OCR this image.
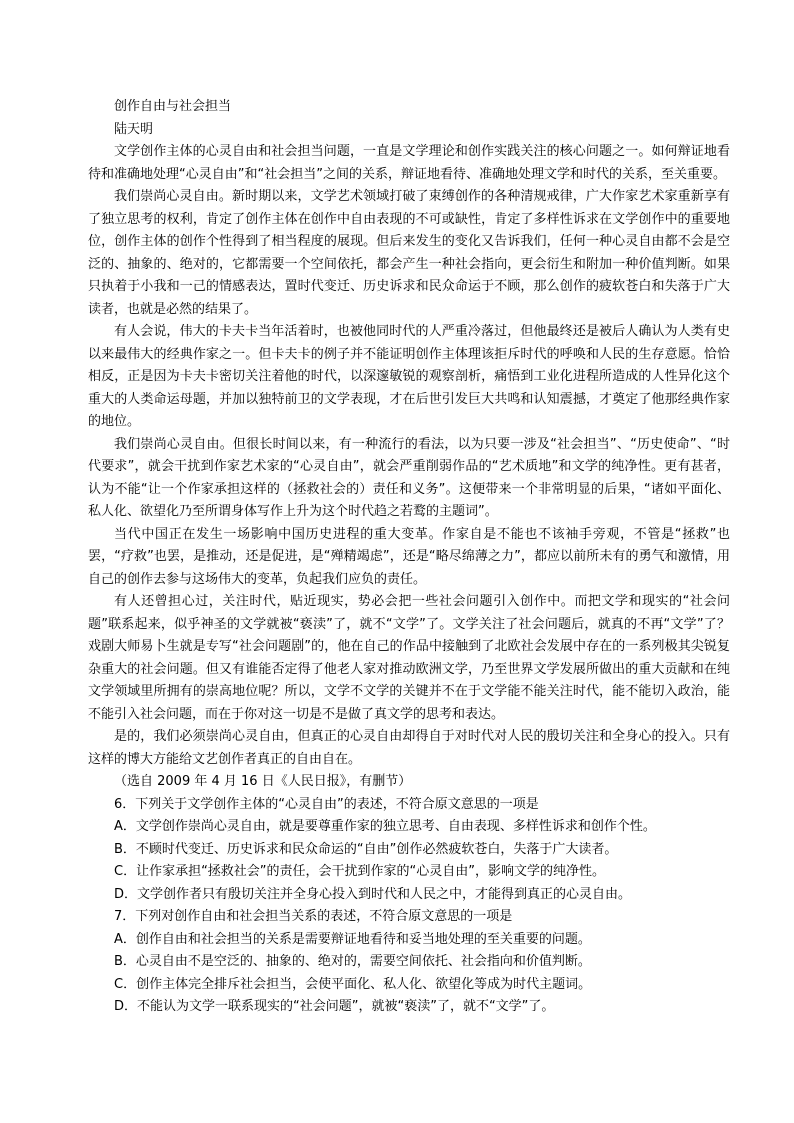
创作自由与社会担当

陆天明

文学创作主体的心灵自由和社会担当问题，一直是文学理论和创作实践关注的核心问题之一。如何辩证地看待和准确地处理“心灵自由”和“社会担当”之间的关系，辩证地看待、准确地处理文学和时代的关系，至关重要。

我们崇尚心灵自由。新时期以来，文学艺术领域打破了束缚创作的各种清规戒律，广大作家艺术家重新享有了独立思考的权利，肯定了创作主体在创作中自由表现的不可或缺性，肯定了多样性诉求在文学创作中的重要地位，创作主体的创作个性得到了相当程度的展现。但后来发生的变化又告诉我们，任何一种心灵自由都不会是空泛的、抽象的、绝对的，它都需要一个空间依托，都会产生一种社会指向，更会衍生和附加一种价值判断。如果只执着于小我和一己的情感表达，置时代变迁、历史诉求和民众命运于不顾，那么创作的疲软苍白和失落于广大读者，也就是必然的结果了。

有人会说，伟大的卡夫卡当年活着时，也被他同时代的人严重冷落过，但他最终还是被后人确认为人类有史以来最伟大的经典作家之一。但卡夫卡的例子并不能证明创作主体理该拒斥时代的呼唤和人民的生存意愿。恰恰相反，正是因为卡夫卡密切关注着他的时代，以深邃敏锐的观察剖析，痛悟到工业化进程所造成的人性异化这个重大的人类命运母题，并加以独特前卫的文学表现，才在后世引发巨大共鸣和认知震撼，才奠定了他那经典作家的地位。

我们崇尚心灵自由。但很长时间以来，有一种流行的看法，以为只要一涉及“社会担当”、“历史使命”、“时代要求”，就会干扰到作家艺术家的“心灵自由”，就会严重削弱作品的“艺术质地”和文学的纯净性。更有甚者，认为不能“让一个作家承担这样的（拯救社会的）责任和义务”。这便带来一个非常明显的后果，“诸如平面化、私人化、欲望化乃至所谓身体写作上升为这个时代趋之若鹜的主题词”。

当代中国正在发生一场影响中国历史进程的重大变革。作家自是不能也不该袖手旁观，不管是“拯救”也罢，“疗救”也罢，是推动，还是促进，是“殚精竭虑”，还是“略尽绵薄之力”，都应以前所未有的勇气和激情，用自己的创作去参与这场伟大的变革，负起我们应负的责任。

有人还曾担心过，关注时代，贴近现实，势必会把一些社会问题引入创作中。而把文学和现实的“社会问题”联系起来，似乎神圣的文学就被“亵渎”了，就不“文学”了。文学关注了社会问题后，就真的不再“文学”了？戏剧大师易卜生就是专写“社会问题剧”的，他在自己的作品中接触到了北欧社会发展中存在的一系列极其尖锐复杂重大的社会问题。但又有谁能否定得了他老人家对推动欧洲文学，乃至世界文学发展所做出的重大贡献和在纯文学领域里所拥有的崇高地位呢？所以，文学不文学的关键并不在于文学能不能关注时代，能不能切入政治，能不能引入社会问题，而在于你对这一切是不是做了真文学的思考和表达。

是的，我们必须崇尚心灵自由，但真正的心灵自由却得自于对时代对人民的殷切关注和全身心的投入。只有这样的博大方能给文艺创作者真正的自由自在。

（选自 2009 年 4 月 16 日《人民日报》，有删节）

6．下列关于文学创作主体的“心灵自由”的表述，不符合原文意思的一项是

A．文学创作崇尚心灵自由，就是要尊重作家的独立思考、自由表现、多样性诉求和创作个性。

B．不顾时代变迁、历史诉求和民众命运的“自由”创作必然疲软苍白，失落于广大读者。

C．让作家承担“拯救社会”的责任，会干扰到作家的“心灵自由”，影响文学的纯净性。

D．文学创作者只有殷切关注并全身心投入到时代和人民之中，才能得到真正的心灵自由。

7．下列对创作自由和社会担当关系的表述，不符合原文意思的一项是

A．创作自由和社会担当的关系是需要辩证地看待和妥当地处理的至关重要的问题。

B．心灵自由不是空泛的、抽象的、绝对的，需要空间依托、社会指向和价值判断。

C．创作主体完全排斥社会担当，会使平面化、私人化、欲望化等成为时代主题词。

D．不能认为文学一联系现实的“社会问题”，就被“亵渎”了，就不“文学”了。
